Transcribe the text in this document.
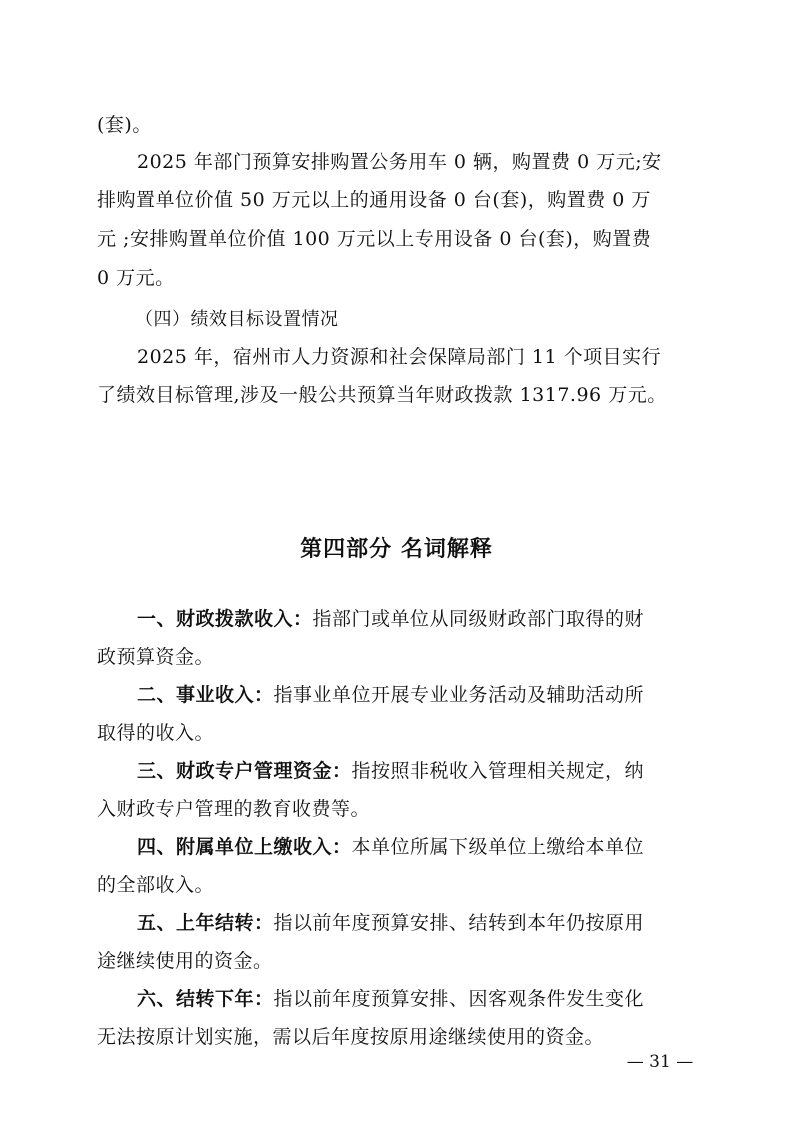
(套)。
2025 年部门预算安排购置公务用车 0 辆，购置费 0 万元;安
排购置单位价值 50 万元以上的通用设备 0 台(套)，购置费 0 万
元 ;安排购置单位价值 100 万元以上专用设备 0 台(套)，购置费
0 万元。
（四）绩效目标设置情况
2025 年，宿州市人力资源和社会保障局部门 11 个项目实行
了绩效目标管理,涉及一般公共预算当年财政拨款 1317.96 万元。
第四部分 名词解释
一、财政拨款收入：指部门或单位从同级财政部门取得的财
政预算资金。
二、事业收入：指事业单位开展专业业务活动及辅助活动所
取得的收入。
三、财政专户管理资金：指按照非税收入管理相关规定，纳
入财政专户管理的教育收费等。
四、附属单位上缴收入：本单位所属下级单位上缴给本单位
的全部收入。
五、上年结转：指以前年度预算安排、结转到本年仍按原用
途继续使用的资金。
六、结转下年：指以前年度预算安排、因客观条件发生变化
无法按原计划实施，需以后年度按原用途继续使用的资金。
— 31 —
